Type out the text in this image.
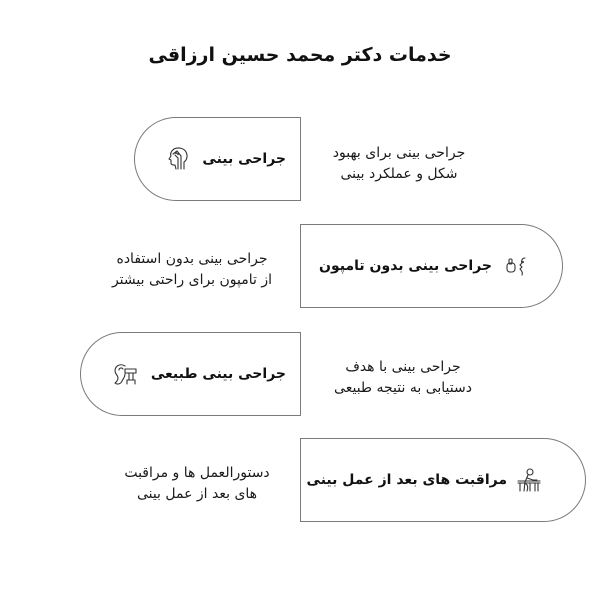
خدمات دکتر محمد حسین ارزاقی
جراحی بینی	جراحی بینی برای بهبود
شکل و عملکرد بینی
جراحی بینی بدون تامپون
جراحی بینی بدون استفاده
از تامپون برای راحتی بیشتر
جراحی بینی طبیعی	جراحی بینی با هدف
دستیابی به نتیجه طبیعی
مراقبت های بعد از عمل بینی
دستورالعمل ها و مراقبت
های بعد از عمل بینی
